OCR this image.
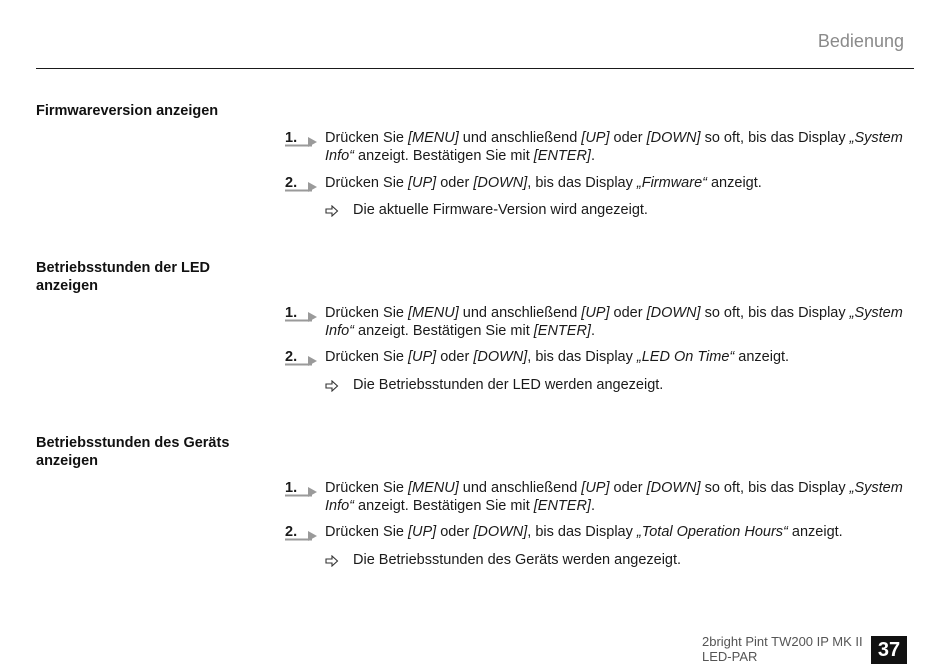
Bedienung
Firmwareversion anzeigen
1. Drücken Sie [MENU] und anschließend [UP] oder [DOWN] so oft, bis das Display „System Info“ anzeigt. Bestätigen Sie mit [ENTER].
2. Drücken Sie [UP] oder [DOWN], bis das Display „Firmware“ anzeigt.
Die aktuelle Firmware-Version wird angezeigt.
Betriebsstunden der LED anzeigen
1. Drücken Sie [MENU] und anschließend [UP] oder [DOWN] so oft, bis das Display „System Info“ anzeigt. Bestätigen Sie mit [ENTER].
2. Drücken Sie [UP] oder [DOWN], bis das Display „LED On Time“ anzeigt.
Die Betriebsstunden der LED werden angezeigt.
Betriebsstunden des Geräts anzeigen
1. Drücken Sie [MENU] und anschließend [UP] oder [DOWN] so oft, bis das Display „System Info“ anzeigt. Bestätigen Sie mit [ENTER].
2. Drücken Sie [UP] oder [DOWN], bis das Display „Total Operation Hours“ anzeigt.
Die Betriebsstunden des Geräts werden angezeigt.
2bright Pint TW200 IP MK II
LED-PAR	37
